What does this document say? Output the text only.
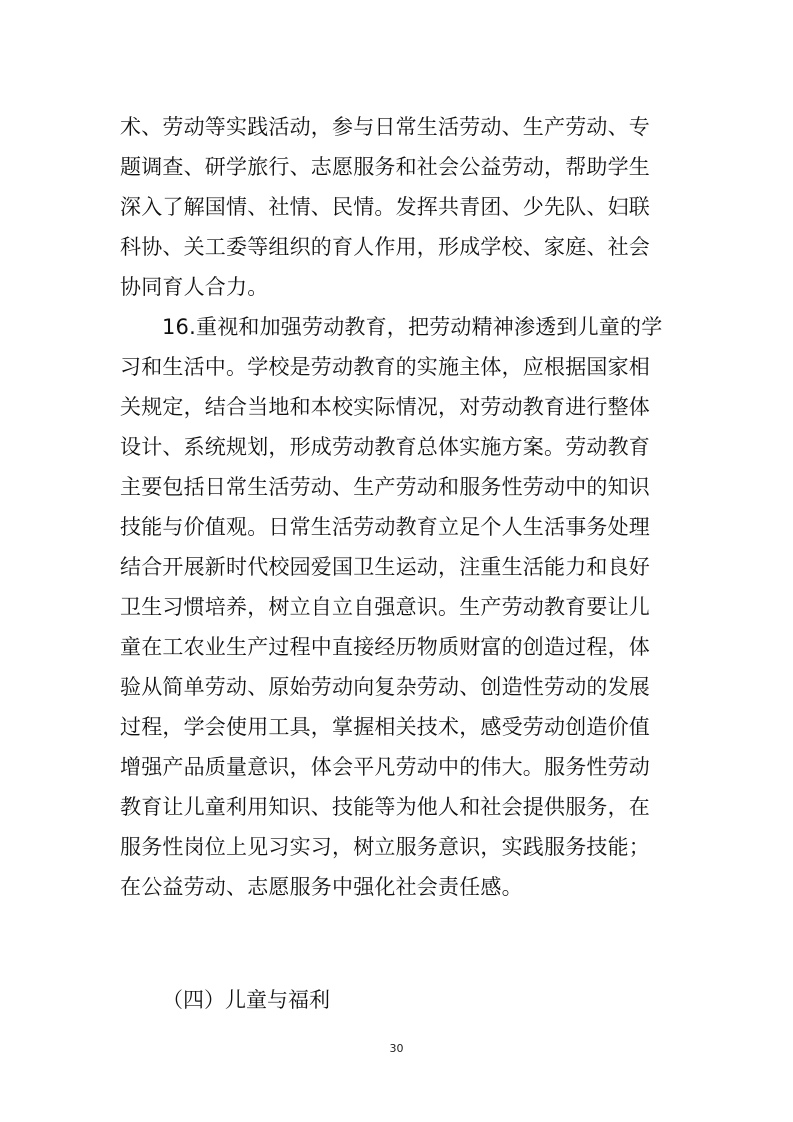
术、劳动等实践活动，参与日常生活劳动、生产劳动、专
题调查、研学旅行、志愿服务和社会公益劳动，帮助学生
深入了解国情、社情、民情。发挥共青团、少先队、妇联
科协、关工委等组织的育人作用，形成学校、家庭、社会
协同育人合力。
16.重视和加强劳动教育，把劳动精神渗透到儿童的学
习和生活中。学校是劳动教育的实施主体，应根据国家相
关规定，结合当地和本校实际情况，对劳动教育进行整体
设计、系统规划，形成劳动教育总体实施方案。劳动教育
主要包括日常生活劳动、生产劳动和服务性劳动中的知识
技能与价值观。日常生活劳动教育立足个人生活事务处理
结合开展新时代校园爱国卫生运动，注重生活能力和良好
卫生习惯培养，树立自立自强意识。生产劳动教育要让儿
童在工农业生产过程中直接经历物质财富的创造过程，体
验从简单劳动、原始劳动向复杂劳动、创造性劳动的发展
过程，学会使用工具，掌握相关技术，感受劳动创造价值
增强产品质量意识，体会平凡劳动中的伟大。服务性劳动
教育让儿童利用知识、技能等为他人和社会提供服务，在
服务性岗位上见习实习，树立服务意识，实践服务技能；
在公益劳动、志愿服务中强化社会责任感。
（四）儿童与福利
30
